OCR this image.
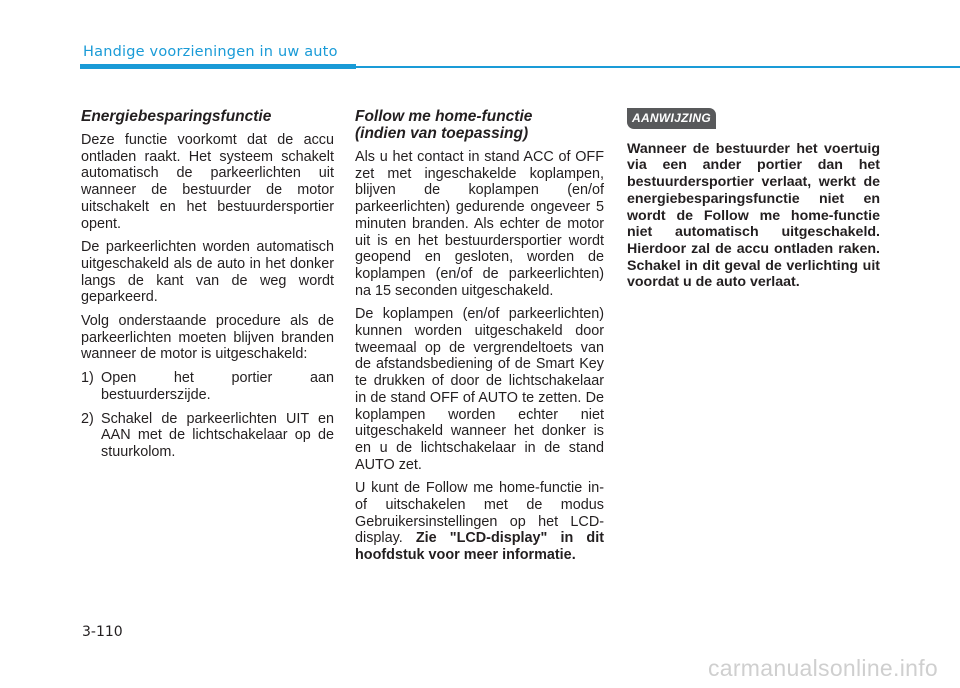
Handige voorzieningen in uw auto
Energiebesparingsfunctie

Deze functie voorkomt dat de accu ontladen raakt. Het systeem schakelt automatisch de parkeerlichten uit wanneer de bestuurder de motor uitschakelt en het bestuurdersportier opent.

De parkeerlichten worden automatisch uitgeschakeld als de auto in het donker langs de kant van de weg wordt geparkeerd.

Volg onderstaande procedure als de parkeerlichten moeten blijven branden wanneer de motor is uitgeschakeld:

1) Open het portier aan bestuurderszijde.
2) Schakel de parkeerlichten UIT en AAN met de lichtschakelaar op de stuurkolom.
Follow me home-functie
(indien van toepassing)

Als u het contact in stand ACC of OFF zet met ingeschakelde koplampen, blijven de koplampen (en/of parkeerlichten) gedurende ongeveer 5 minuten branden. Als echter de motor uit is en het bestuurdersportier wordt geopend en gesloten, worden de koplampen (en/of de parkeerlichten) na 15 seconden uitgeschakeld.

De koplampen (en/of parkeerlichten) kunnen worden uitgeschakeld door tweemaal op de vergrendeltoets van de afstandsbediening of de Smart Key te drukken of door de lichtschakelaar in de stand OFF of AUTO te zetten. De koplampen worden echter niet uitgeschakeld wanneer het donker is en u de lichtschakelaar in de stand AUTO zet.

U kunt de Follow me home-functie in- of uitschakelen met de modus Gebruikersinstellingen op het LCD-display. Zie "LCD-display" in dit hoofdstuk voor meer informatie.

AANWIJZING

Wanneer de bestuurder het voertuig via een ander portier dan het bestuurdersportier verlaat, werkt de energiebesparingsfunctie niet en wordt de Follow me home-functie niet automatisch uitgeschakeld. Hierdoor zal de accu ontladen raken. Schakel in dit geval de verlichting uit voordat u de auto verlaat.

3-110
carmanualsonline.info
